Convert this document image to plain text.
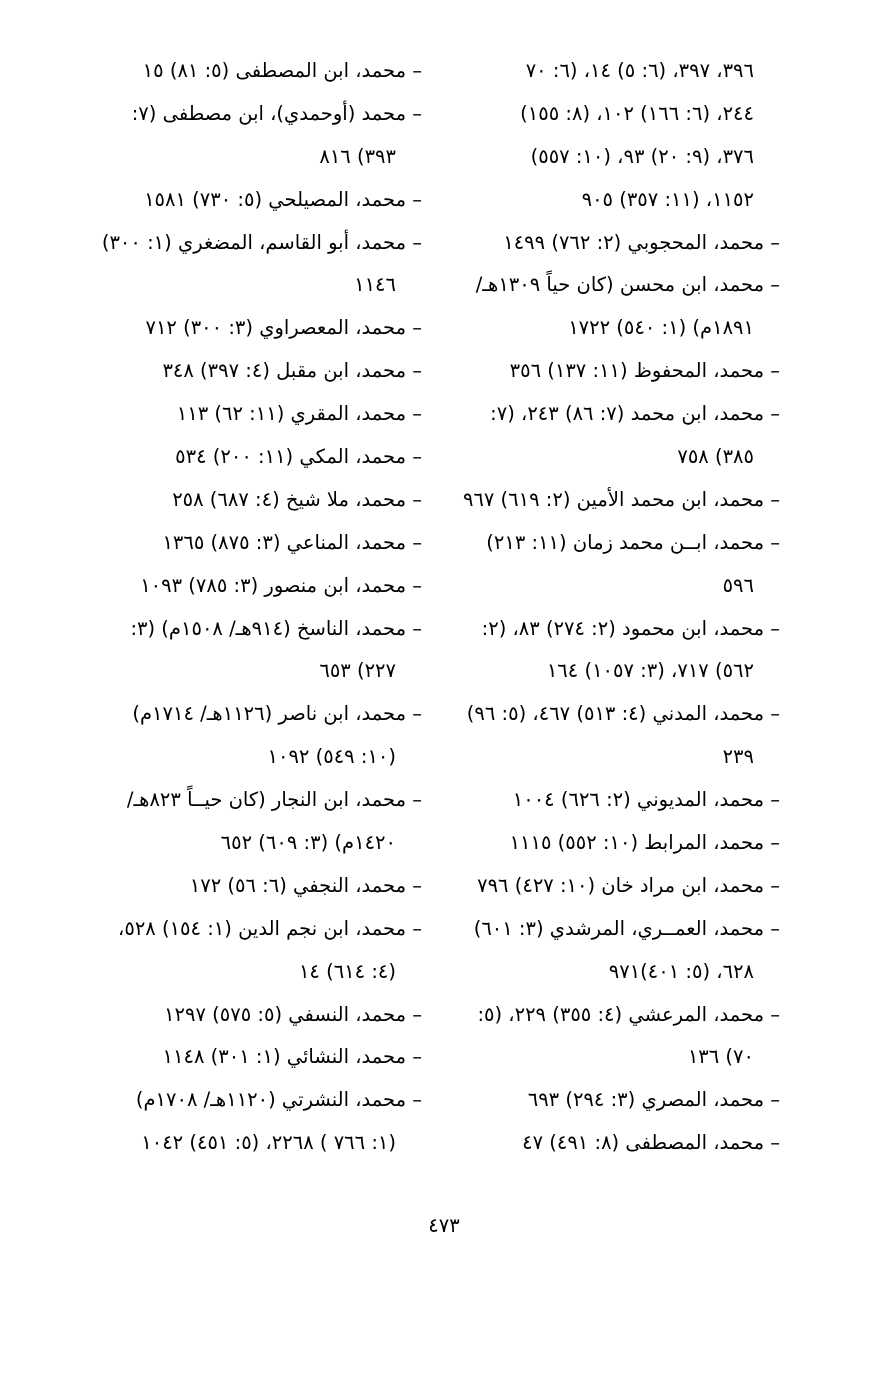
٣٩٦، ٣٩٧، (٦: ٥) ١٤، (٦: ٧٠
٢٤٤، (٦: ١٦٦) ١٠٢، (٨: ١٥٥)
٣٧٦، (٩: ٢٠) ٩٣، (١٠: ٥٥٧)
١١٥٢، (١١: ٣٥٧) ٩٠٥
– محمد، المحجوبي (٢: ٧٦٢) ١٤٩٩
– محمد، ابن محسن (كان حياً ١٣٠٩هـ/
١٨٩١م) (١: ٥٤٠) ١٧٢٢
– محمد، المحفوظ (١١: ١٣٧) ٣٥٦
– محمد، ابن محمد (٧: ٨٦) ٢٤٣، (٧:
٣٨٥) ٧٥٨
– محمد، ابن محمد الأمين (٢: ٦١٩) ٩٦٧
– محمد، ابــن محمد زمان (١١: ٢١٣)
٥٩٦
– محمد، ابن محمود (٢: ٢٧٤) ٨٣، (٢:
٥٦٢) ٧١٧، (٣: ١٠٥٧) ١٦٤
– محمد، المدني (٤: ٥١٣) ٤٦٧، (٥: ٩٦)
٢٣٩
– محمد، المديوني (٢: ٦٢٦) ١٠٠٤
– محمد، المرابط (١٠: ٥٥٢) ١١١٥
– محمد، ابن مراد خان (١٠: ٤٢٧) ٧٩٦
– محمد، العمــري، المرشدي (٣: ٦٠١)
٦٢٨، (٥: ٤٠١)٩٧١
– محمد، المرعشي (٤: ٣٥٥) ٢٢٩، (٥:
٧٠) ١٣٦
– محمد، المصري (٣: ٢٩٤) ٦٩٣
– محمد، المصطفى (٨: ٤٩١) ٤٧
– محمد، ابن المصطفى (٥: ٨١) ١٥
– محمد (أوحمدي)، ابن مصطفى (٧:
٣٩٣) ٨١٦
– محمد، المصيلحي (٥: ٧٣٠) ١٥٨١
– محمد، أبو القاسم، المضغري (١: ٣٠٠)
١١٤٦
– محمد، المعصراوي (٣: ٣٠٠) ٧١٢
– محمد، ابن مقبل (٤: ٣٩٧) ٣٤٨
– محمد، المقري (١١: ٦٢) ١١٣
– محمد، المكي (١١: ٢٠٠) ٥٣٤
– محمد، ملا شيخ (٤: ٦٨٧) ٢٥٨
– محمد، المناعي (٣: ٨٧٥) ١٣٦٥
– محمد، ابن منصور (٣: ٧٨٥) ١٠٩٣
– محمد، الناسخ (٩١٤هـ/ ١٥٠٨م) (٣:
٢٢٧) ٦٥٣
– محمد، ابن ناصر (١١٢٦هـ/ ١٧١٤م)
(١٠: ٥٤٩) ١٠٩٢
– محمد، ابن النجار (كان حيــاً ٨٢٣هـ/
١٤٢٠م) (٣: ٦٠٩) ٦٥٢
– محمد، النجفي (٦: ٥٦) ١٧٢
– محمد، ابن نجم الدين (١: ١٥٤) ٥٢٨،
(٤: ٦١٤) ١٤
– محمد، النسفي (٥: ٥٧٥) ١٢٩٧
– محمد، النشائي (١: ٣٠١) ١١٤٨
– محمد، النشرتي (١١٢٠هـ/ ١٧٠٨م)
(١: ٧٦٦ ) ٢٢٦٨، (٥: ٤٥١) ١٠٤٢
٤٧٣
